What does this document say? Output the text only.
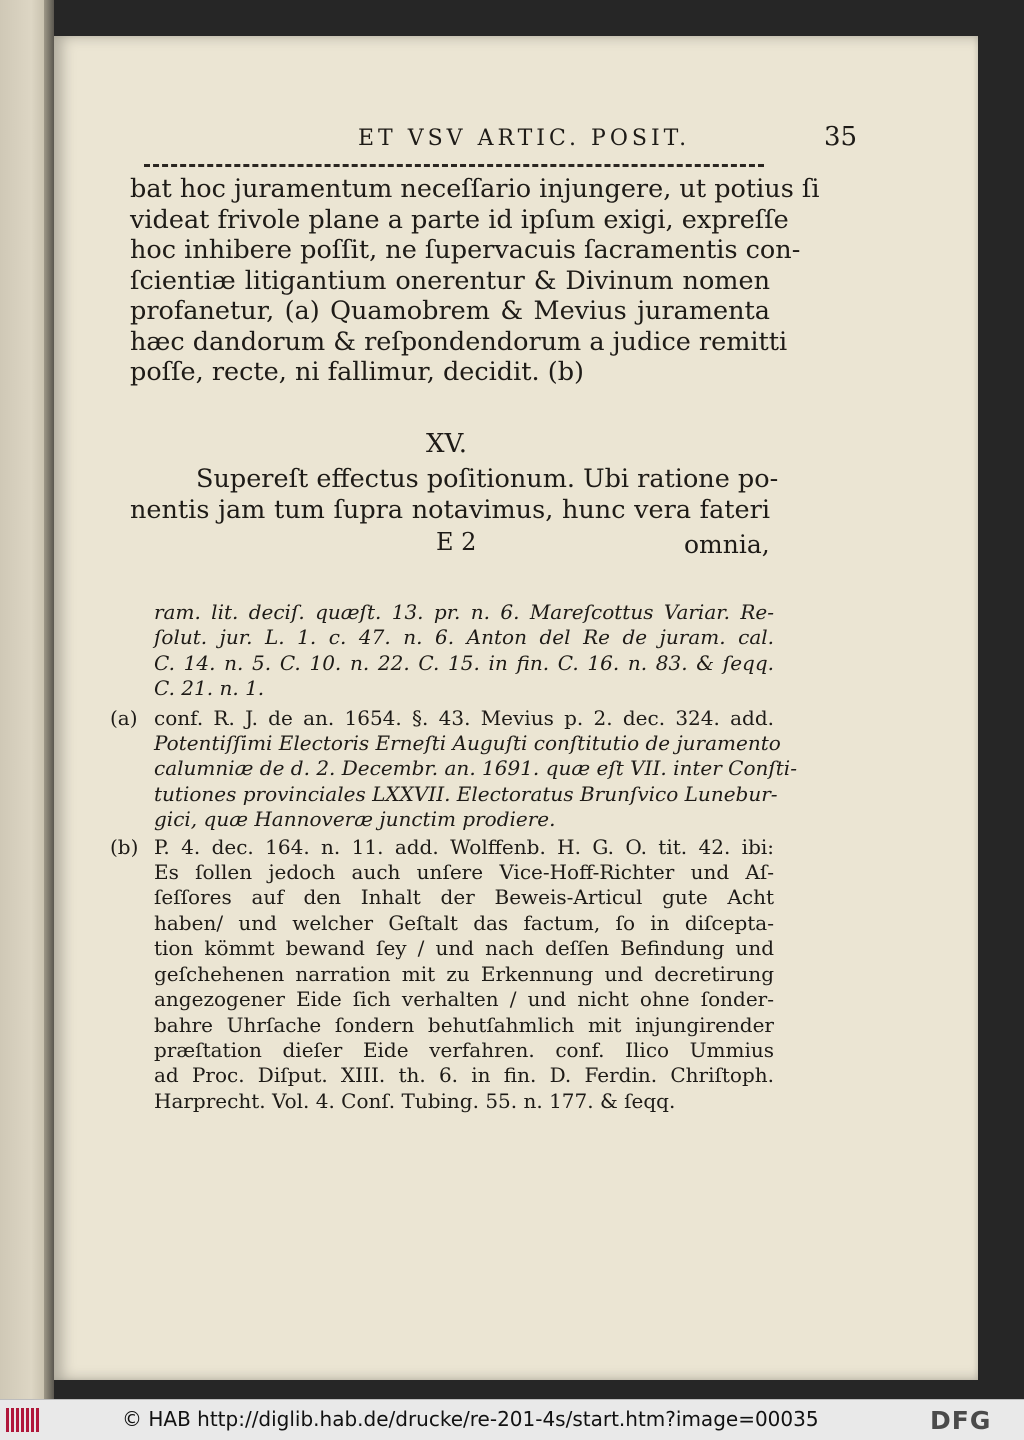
ET VSV ARTIC. POSIT.	35
bat hoc juramentum neceſſario injungere, ut potius ſi
videat frivole plane a parte id ipſum exigi, expreſſe
hoc inhibere poſſit, ne ſupervacuis ſacramentis con-
ſcientiæ litigantium onerentur & Divinum nomen
profanetur, (a) Quamobrem & Mevius juramenta
hæc dandorum & reſpondendorum a judice remitti
poſſe, recte, ni fallimur, decidit. (b)
XV.
Supereſt effectus poſitionum. Ubi ratione po-
nentis jam tum ſupra notavimus, hunc vera fateri
E 2	omnia,
ram. lit. deciſ. quæſt. 13. pr. n. 6. Mareſcottus Variar. Re-
ſolut. jur. L. 1. c. 47. n. 6. Anton del Re de juram. cal.
C. 14. n. 5. C. 10. n. 22. C. 15. in fin. C. 16. n. 83. & ſeqq.
C. 21. n. 1.
(a) conf. R. J. de an. 1654. §. 43. Mevius p. 2. dec. 324. add.
Potentiſſimi Electoris Erneſti Auguſti conſtitutio de juramento
calumniæ de d. 2. Decembr. an. 1691. quæ eſt VII. inter Conſti-
tutiones provinciales LXXVII. Electoratus Brunſvico Lunebur-
gici, quæ Hannoveræ junctim prodiere.
(b) P. 4. dec. 164. n. 11. add. Wolffenb. H. G. O. tit. 42. ibi:
Es ſollen jedoch auch unſere Vice-Hoff-Richter und Aſ-
ſeſſores auf den Inhalt der Beweis-Articul gute Acht
haben/ und welcher Geſtalt das factum, ſo in diſcepta-
tion kömmt bewand ſey / und nach deſſen Befindung und
geſchehenen narration mit zu Erkennung und decretirung
angezogener Eide ſich verhalten / und nicht ohne ſonder-
bahre Uhrſache ſondern behutſahmlich mit injungirender
præſtation dieſer Eide verfahren. conf. Ilico Ummius
ad Proc. Diſput. XIII. th. 6. in fin. D. Ferdin. Chriſtoph.
Harprecht. Vol. 4. Conſ. Tubing. 55. n. 177. & ſeqq.
© HAB http://diglib.hab.de/drucke/re-201-4s/start.htm?image=00035	DFG
